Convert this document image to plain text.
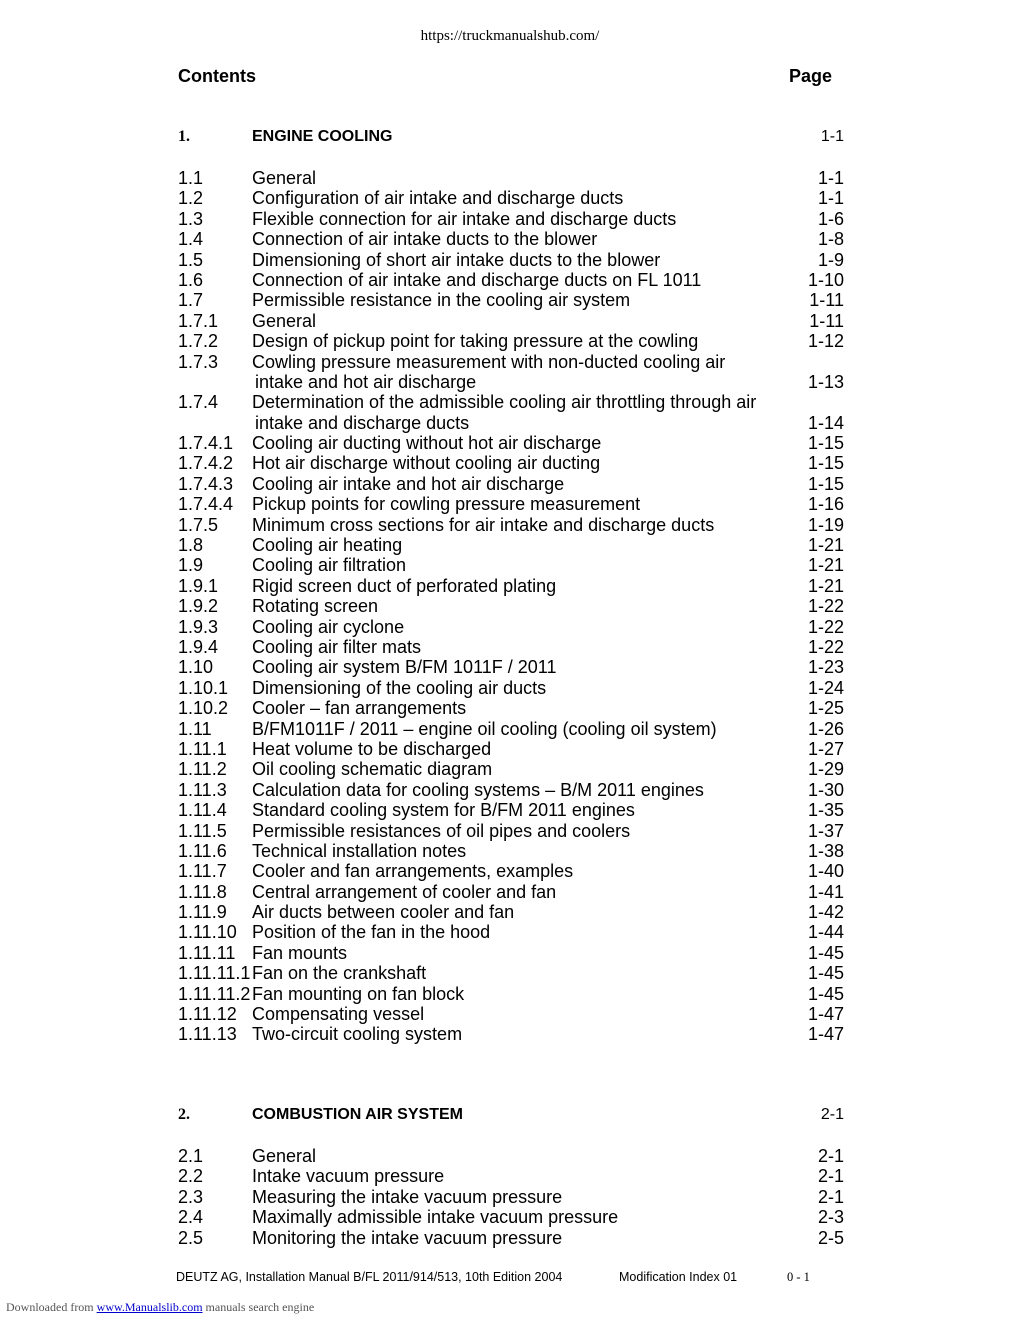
https://truckmanualshub.com/
Contents	Page
1.	ENGINE COOLING	1-1
1.1	General	1-1
1.2	Configuration of air intake and discharge ducts	1-1
1.3	Flexible connection for air intake and discharge ducts	1-6
1.4	Connection of air intake ducts to the blower	1-8
1.5	Dimensioning of short air intake ducts to the blower	1-9
1.6	Connection of air intake and discharge ducts on FL 1011	1-10
1.7	Permissible resistance in the cooling air system	1-11
1.7.1 General	1-11
1.7.2 Design of pickup point for taking pressure at the cowling	1-12
1.7.3 Cowling pressure measurement with non-ducted cooling air
intake and hot air discharge	1-13
1.7.4 Determination of the admissible cooling air throttling through air
intake and discharge ducts	1-14
1.7.4.1 Cooling air ducting without hot air discharge	1-15
1.7.4.2 Hot air discharge without cooling air ducting	1-15
1.7.4.3 Cooling air intake and hot air discharge	1-15
1.7.4.4 Pickup points for cowling pressure measurement	1-16
1.7.5 Minimum cross sections for air intake and discharge ducts	1-19
1.8	Cooling air heating	1-21
1.9	Cooling air filtration	1-21
1.9.1 Rigid screen duct of perforated plating	1-21
1.9.2 Rotating screen	1-22
1.9.3 Cooling air cyclone	1-22
1.9.4 Cooling air filter mats	1-22
1.10 Cooling air system B/FM 1011F / 2011	1-23
1.10.1 Dimensioning of the cooling air ducts	1-24
1.10.2 Cooler – fan arrangements	1-25
1.11 B/FM1011F / 2011 – engine oil cooling (cooling oil system)	1-26
1.11.1 Heat volume to be discharged	1-27
1.11.2 Oil cooling schematic diagram	1-29
1.11.3 Calculation data for cooling systems – B/M 2011 engines	1-30
1.11.4 Standard cooling system for B/FM 2011 engines	1-35
1.11.5 Permissible resistances of oil pipes and coolers	1-37
1.11.6 Technical installation notes	1-38
1.11.7 Cooler and fan arrangements, examples	1-40
1.11.8 Central arrangement of cooler and fan	1-41
1.11.9 Air ducts between cooler and fan	1-42
1.11.10 Position of the fan in the hood	1-44
1.11.11 Fan mounts	1-45
1.11.11.1 Fan on the crankshaft	1-45
1.11.11.2 Fan mounting on fan block	1-45
1.11.12 Compensating vessel	1-47
1.11.13 Two-circuit cooling system	1-47
2.	COMBUSTION AIR SYSTEM	2-1
2.1	General	2-1
2.2	Intake vacuum pressure	2-1
2.3	Measuring the intake vacuum pressure	2-1
2.4	Maximally admissible intake vacuum pressure	2-3
2.5	Monitoring the intake vacuum pressure	2-5
DEUTZ AG, Installation Manual B/FL 2011/914/513, 10th Edition 2004	Modification Index 01	0 - 1
Downloaded from www.Manualslib.com manuals search engine
